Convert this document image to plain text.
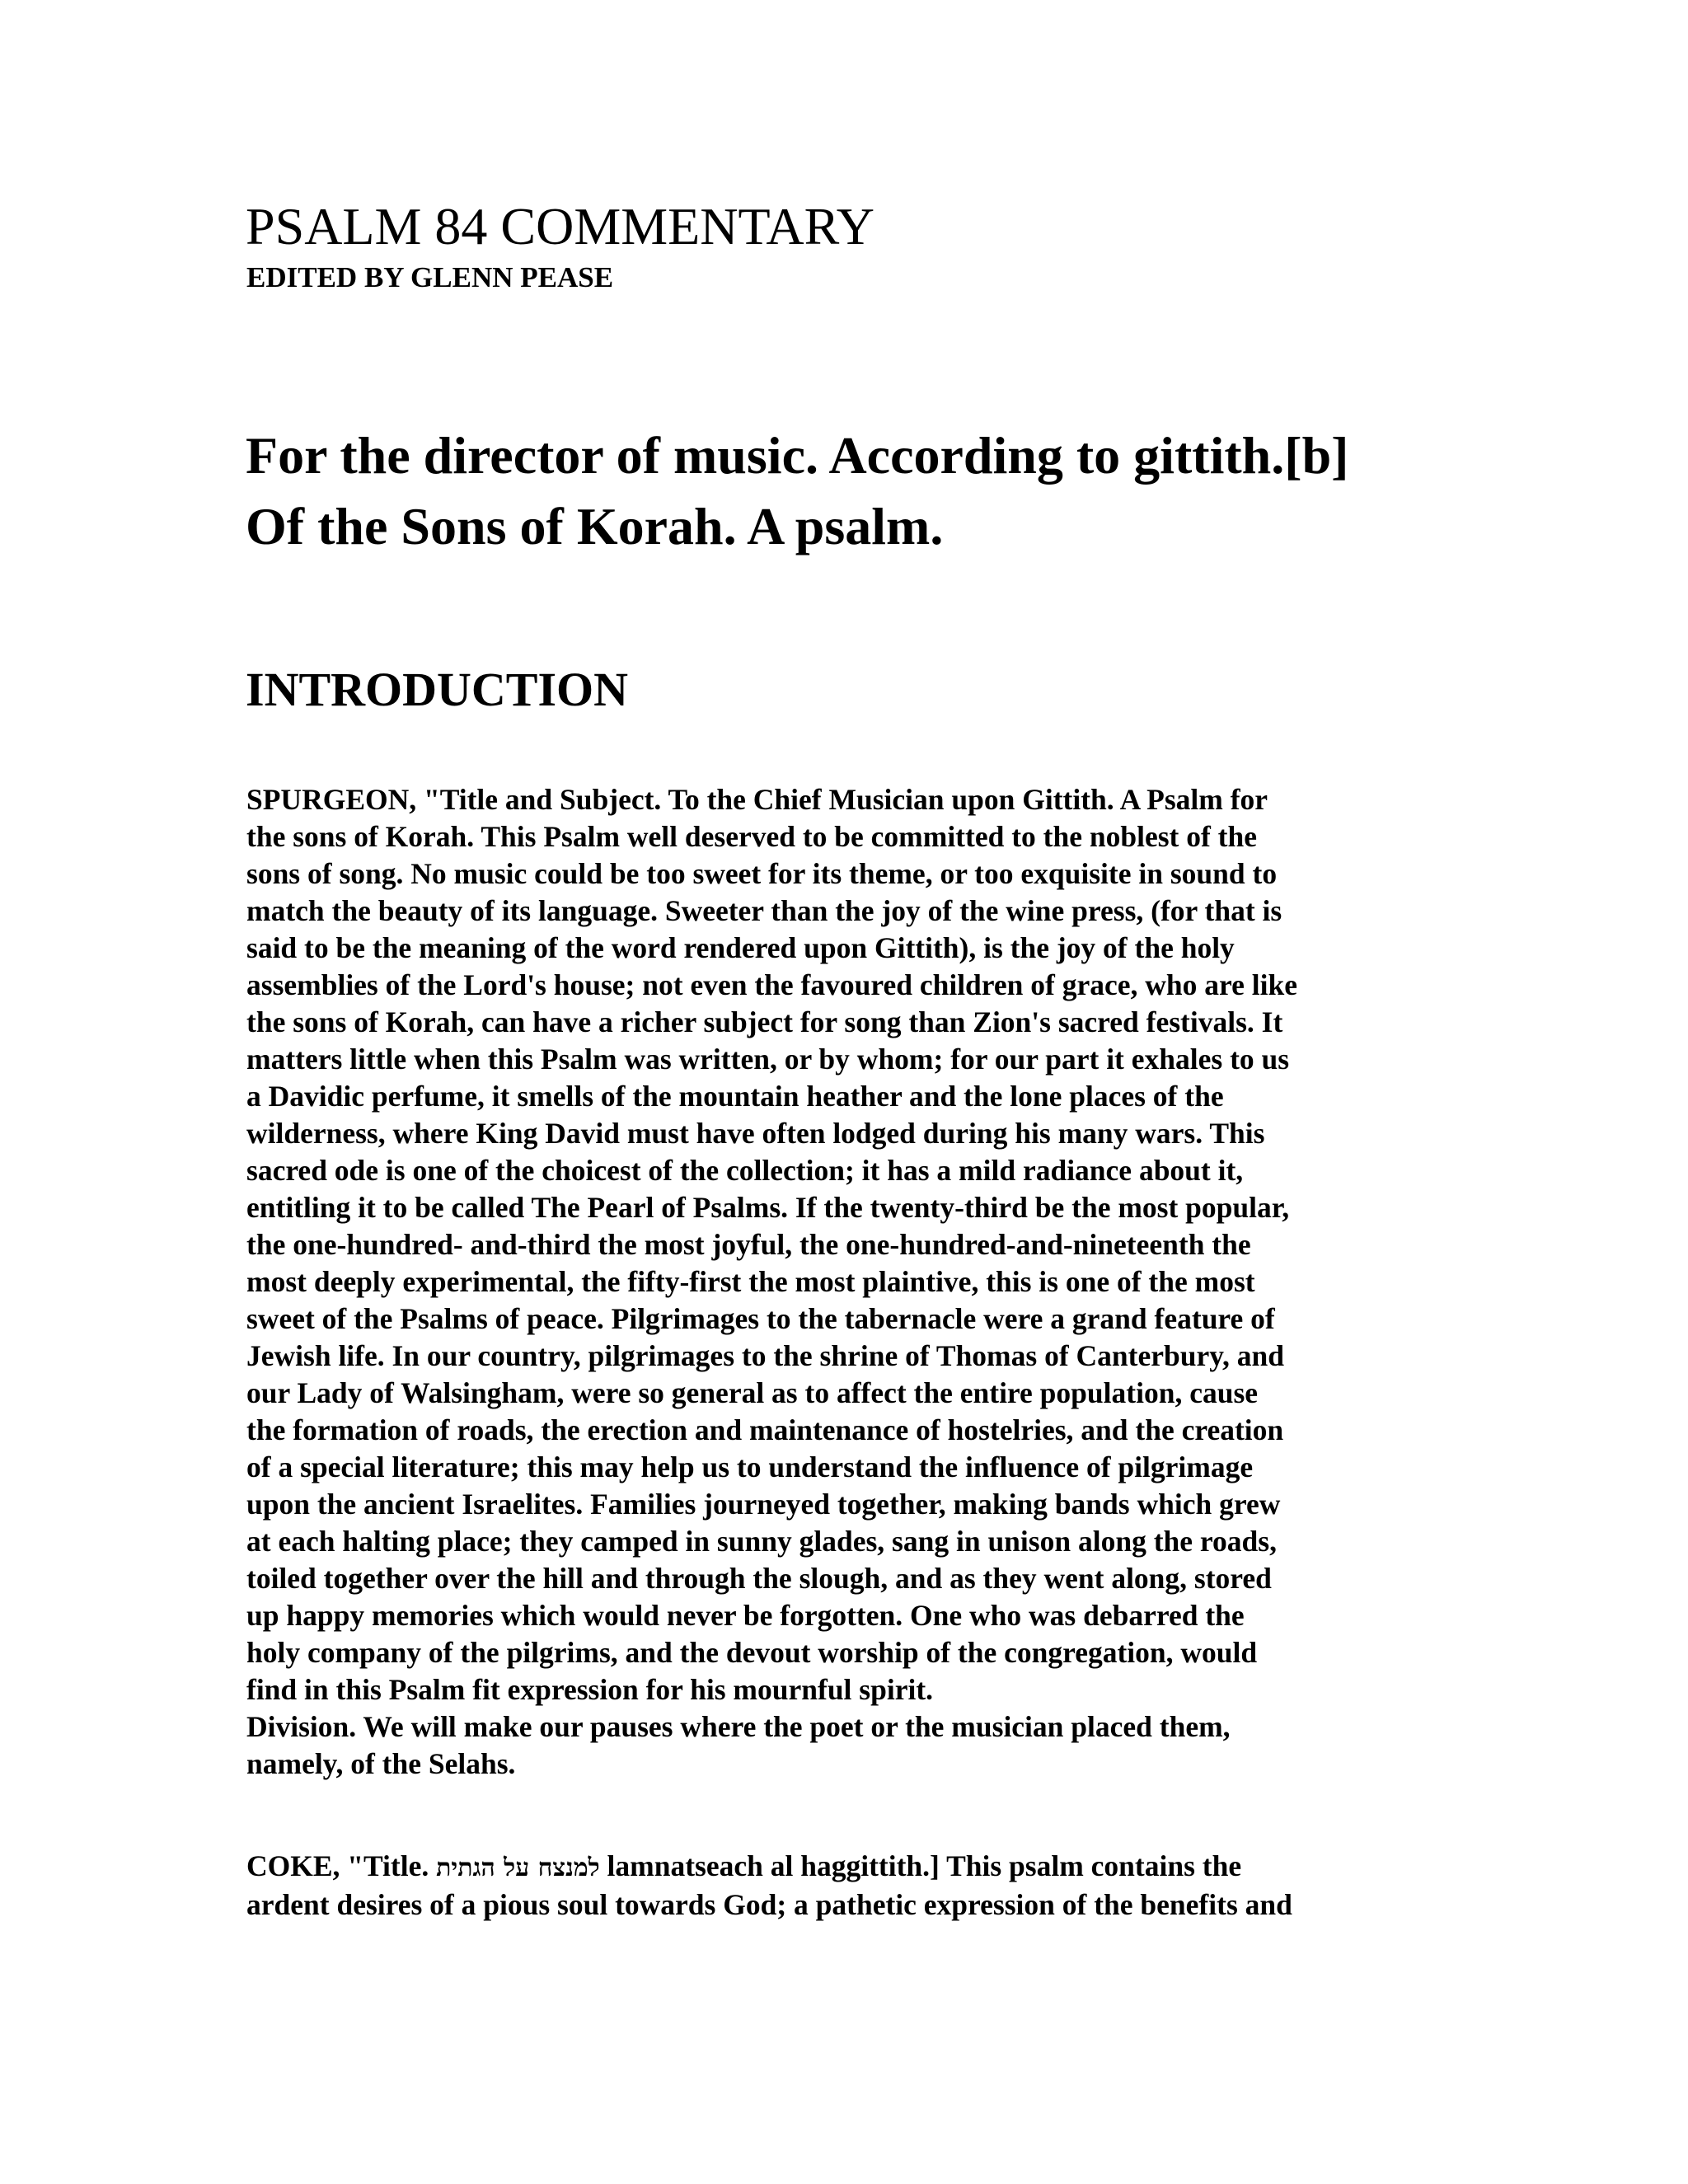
PSALM 84 COMMENTARY
EDITED BY GLENN PEASE
For the director of music. According to gittith.[b]
Of the Sons of Korah. A psalm.
INTRODUCTION
SPURGEON, "Title and Subject. To the Chief Musician upon Gittith. A Psalm for
the sons of Korah. This Psalm well deserved to be committed to the noblest of the
sons of song. No music could be too sweet for its theme, or too exquisite in sound to
match the beauty of its language. Sweeter than the joy of the wine press, (for that is
said to be the meaning of the word rendered upon Gittith), is the joy of the holy
assemblies of the Lord's house; not even the favoured children of grace, who are like
the sons of Korah, can have a richer subject for song than Zion's sacred festivals. It
matters little when this Psalm was written, or by whom; for our part it exhales to us
a Davidic perfume, it smells of the mountain heather and the lone places of the
wilderness, where King David must have often lodged during his many wars. This
sacred ode is one of the choicest of the collection; it has a mild radiance about it,
entitling it to be called The Pearl of Psalms. If the twenty-third be the most popular,
the one-hundred- and-third the most joyful, the one-hundred-and-nineteenth the
most deeply experimental, the fifty-first the most plaintive, this is one of the most
sweet of the Psalms of peace. Pilgrimages to the tabernacle were a grand feature of
Jewish life. In our country, pilgrimages to the shrine of Thomas of Canterbury, and
our Lady of Walsingham, were so general as to affect the entire population, cause
the formation of roads, the erection and maintenance of hostelries, and the creation
of a special literature; this may help us to understand the influence of pilgrimage
upon the ancient Israelites. Families journeyed together, making bands which grew
at each halting place; they camped in sunny glades, sang in unison along the roads,
toiled together over the hill and through the slough, and as they went along, stored
up happy memories which would never be forgotten. One who was debarred the
holy company of the pilgrims, and the devout worship of the congregation, would
find in this Psalm fit expression for his mournful spirit.
Division. We will make our pauses where the poet or the musician placed them,
namely, of the Selahs.
COKE, "Title. למנצח על הגתית lamnatseach al haggittith.] This psalm contains the
ardent desires of a pious soul towards God; a pathetic expression of the benefits and
